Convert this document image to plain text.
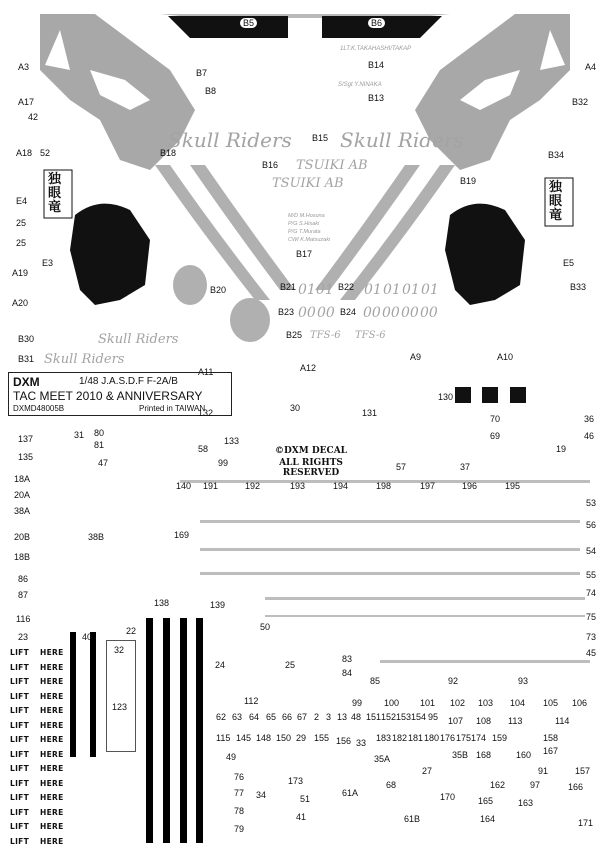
DXM	1/48 J.A.S.D.F F-2A/B
TAC MEET 2010 & ANNIVERSARY
DXMD48005B	Printed in TAIWAN
©DXM DECAL
ALL RIGHTS RESERVED
Skull Riders Skull Riders
Skull Riders
Skull Riders
TSUIKI AB
TSUIKI AB
TFS-6 TFS-6
独眼竜
独眼竜
1LT.K.TAKAHASHI/TAKAP
S/Sgt Y.NINAKA
M/D M.Hosuna
P/G S.Hisaki
P/G T.Murata
CWI K.Matsuzaki
01 01 01 01 01 01
00 00 00 00 00 00
LIFT HERE
LIFT HERE
LIFT HERE
LIFT HERE
LIFT HERE
LIFT HERE
LIFT HERE
LIFT HERE
LIFT HERE
LIFT HERE
LIFT HERE
LIFT HERE
LIFT HERE
LIFT HERE
B5	B6
A3	A4
B7
B8
B14
B13
A17
42
B32
B15
A18 52	B18
B16
B34
B19
E4
25
25
E3
B17
E5
A19
B20	B21	B22	B33
A20
B23	B24
B30	B25
B31	A9	A10
A11	A12
130
132	30	131
70	36
69	46
137	31 80
81	133
58	19
135
47	99	57	37
18A
140 191	192	193	194	198	197	196	195
20A
53
38A
56
20B	38B	169
54
18B
55
86
87	74
138	139
75
116
50
23	40
22
73
32	45
24	25
83
84
85	92	93
123
112	99 100 101 102 103 104 105 106
62 63 64 65 66 67 2 3 13 48 151 152 153 154 95 107 108 113	114
115 145 148 150 29 155 156 33 183 182 181 180 176 175 174 159	158
49	35A	35B 168	160 167
76	173
27	91	157
77 34	51
68	162	97	166
61A	170	165	163
78
41	61B	164	171
79
